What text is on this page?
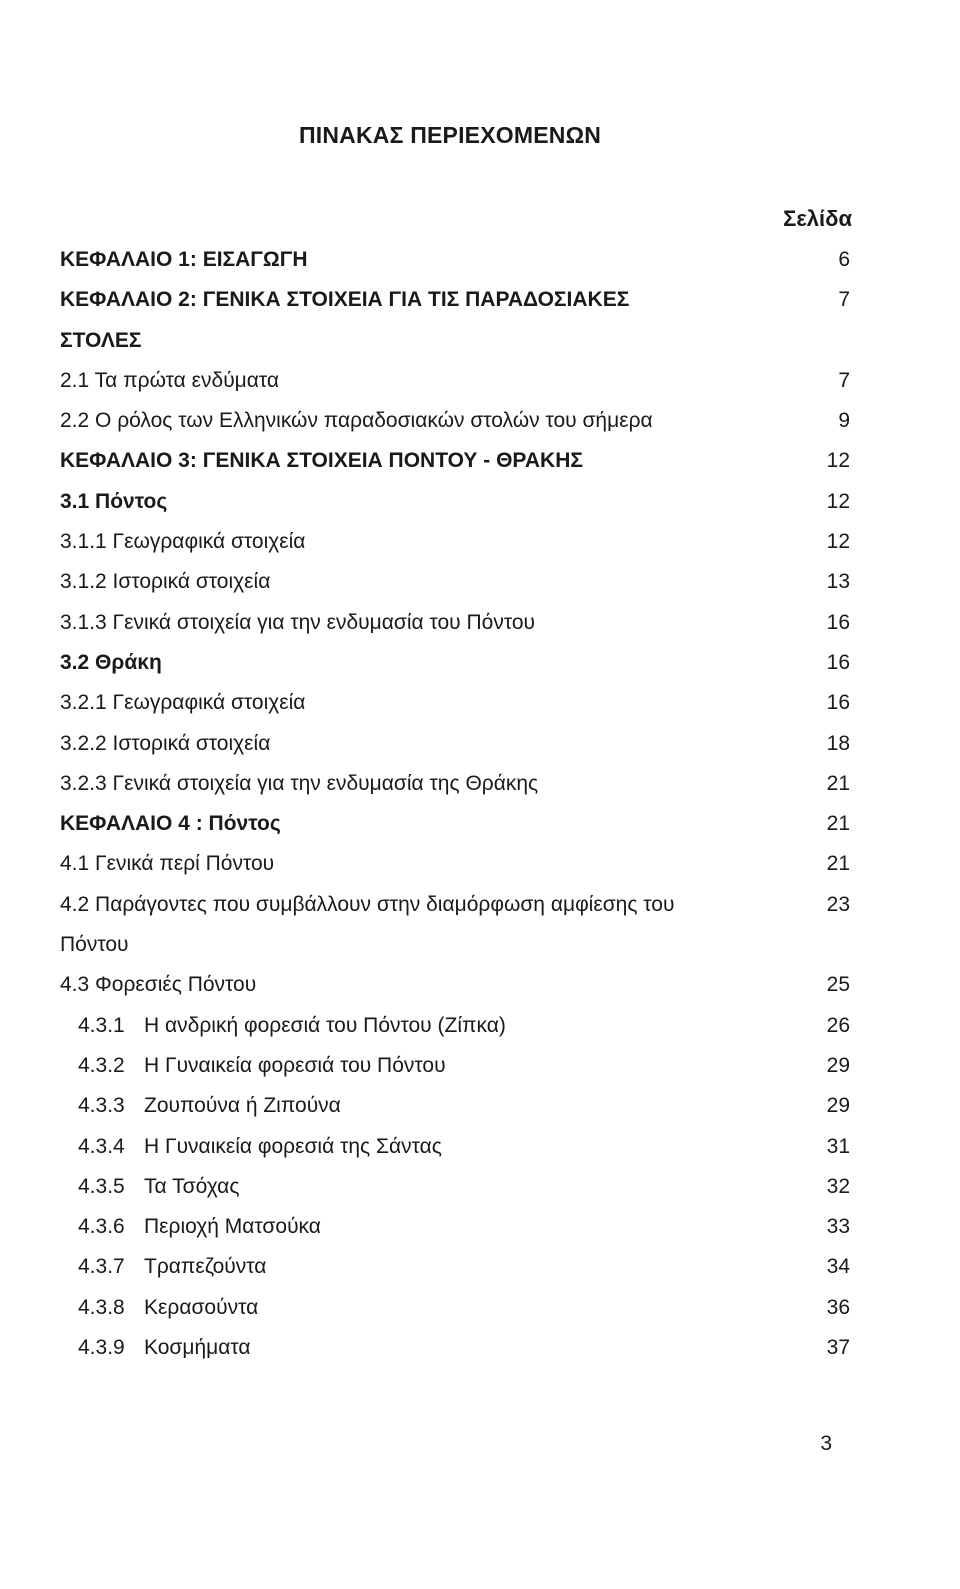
ΠΙΝΑΚΑΣ ΠΕΡΙΕΧΟΜΕΝΩΝ
Σελίδα
ΚΕΦΑΛΑΙΟ 1: ΕΙΣΑΓΩΓΗ	6
ΚΕΦΑΛΑΙΟ 2: ΓΕΝΙΚΑ ΣΤΟΙΧΕΙΑ ΓΙΑ ΤΙΣ ΠΑΡΑΔΟΣΙΑΚΕΣ	7
ΣΤΟΛΕΣ
2.1 Τα πρώτα ενδύματα	7
2.2 Ο ρόλος των Ελληνικών παραδοσιακών στολών του σήμερα	9
ΚΕΦΑΛΑΙΟ 3: ΓΕΝΙΚΑ ΣΤΟΙΧΕΙΑ ΠΟΝΤΟΥ - ΘΡΑΚΗΣ	12
3.1 Πόντος	12
3.1.1 Γεωγραφικά στοιχεία	12
3.1.2 Ιστορικά στοιχεία	13
3.1.3 Γενικά στοιχεία για την ενδυμασία του Πόντου	16
3.2 Θράκη	16
3.2.1 Γεωγραφικά στοιχεία	16
3.2.2 Ιστορικά στοιχεία	18
3.2.3 Γενικά στοιχεία για την ενδυμασία της Θράκης	21
ΚΕΦΑΛΑΙΟ 4 : Πόντος	21
4.1 Γενικά περί Πόντου	21
4.2 Παράγοντες που συμβάλλουν στην διαμόρφωση αμφίεσης του	23
Πόντου
4.3 Φορεσιές Πόντου	25
4.3.1 Η ανδρική φορεσιά του Πόντου (Ζίπκα)	26
4.3.2 Η Γυναικεία φορεσιά του Πόντου	29
4.3.3 Ζουπούνα ή Ζιπούνα	29
4.3.4 Η Γυναικεία φορεσιά της Σάντας	31
4.3.5 Τα Τσόχας	32
4.3.6 Περιοχή Ματσούκα	33
4.3.7 Τραπεζούντα	34
4.3.8 Κερασούντα	36
4.3.9 Κοσμήματα	37
3
